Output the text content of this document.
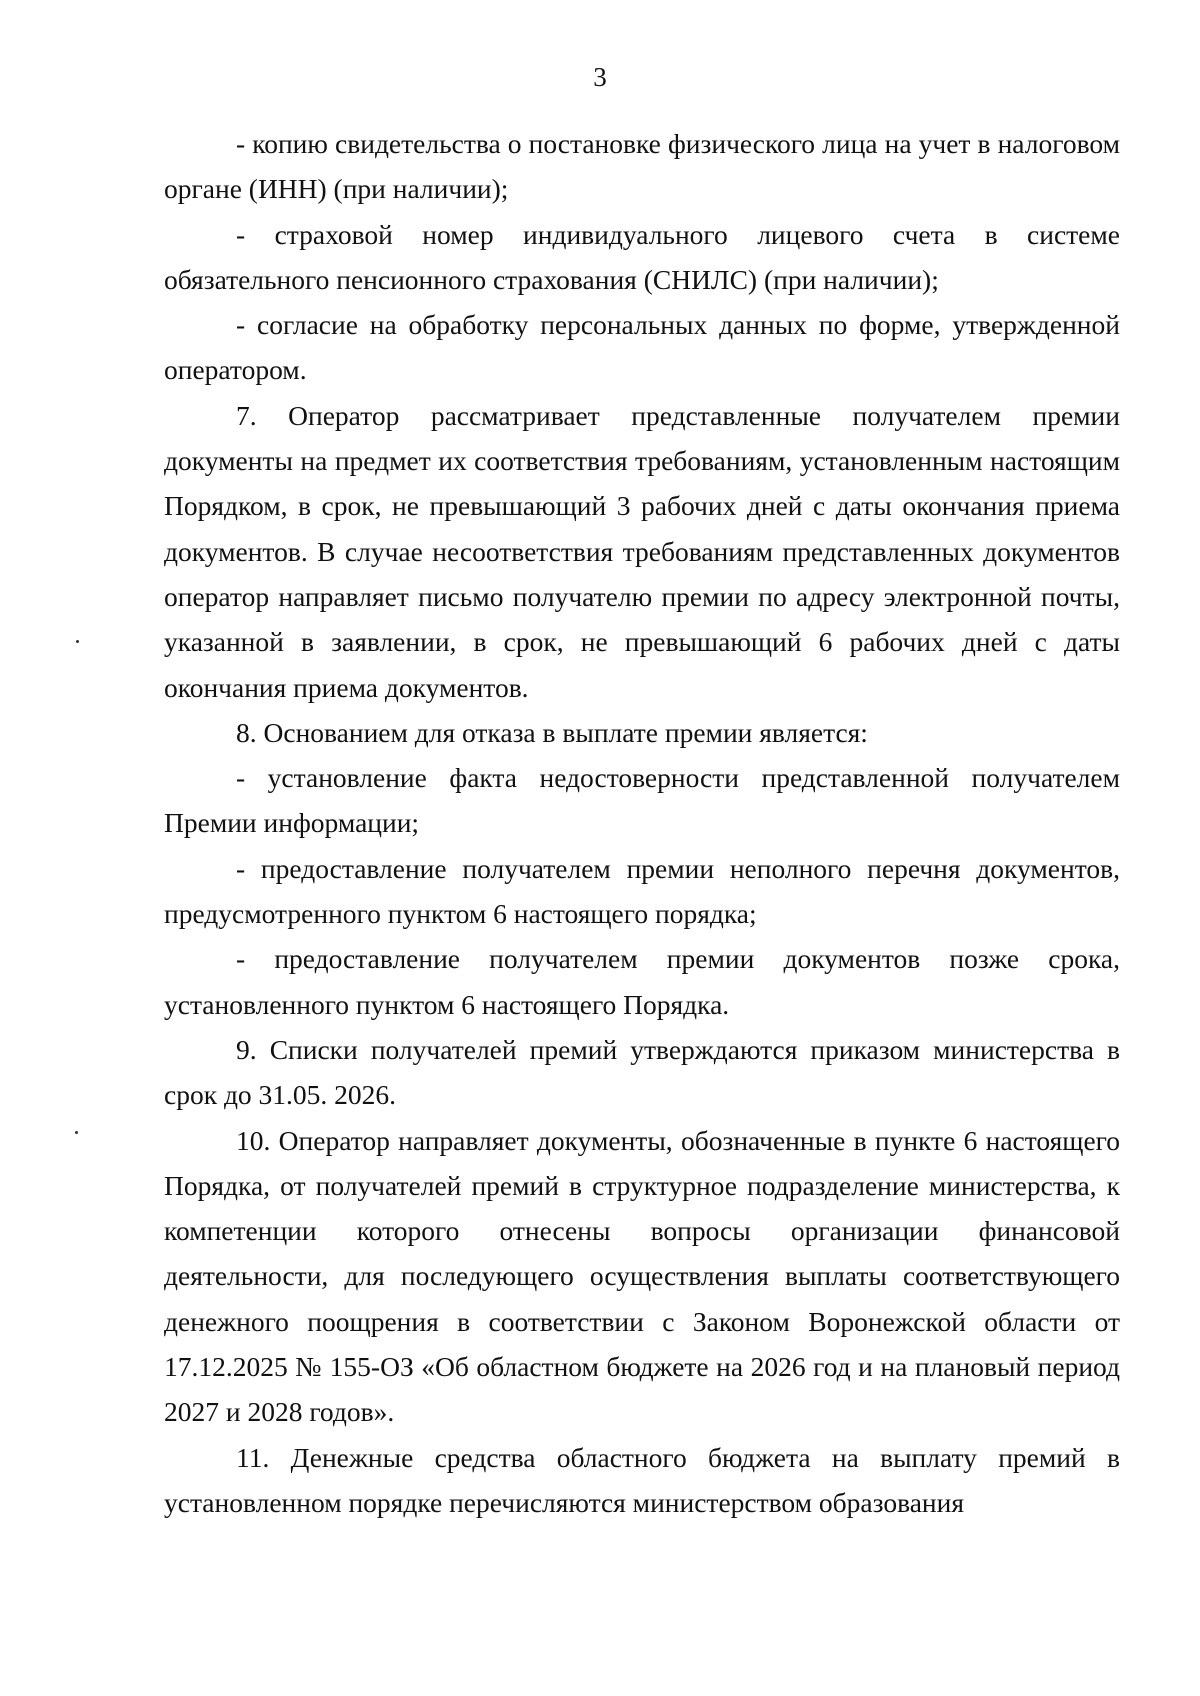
3

- копию свидетельства о постановке физического лица на учет в налоговом органе (ИНН) (при наличии);

- страховой номер индивидуального лицевого счета в системе обязательного пенсионного страхования (СНИЛС) (при наличии);

- согласие на обработку персональных данных по форме, утвержденной оператором.

7. Оператор рассматривает представленные получателем премии документы на предмет их соответствия требованиям, установленным настоящим Порядком, в срок, не превышающий 3 рабочих дней с даты окончания приема документов. В случае несоответствия требованиям представленных документов оператор направляет письмо получателю премии по адресу электронной почты, указанной в заявлении, в срок, не превышающий 6 рабочих дней с даты окончания приема документов.

8. Основанием для отказа в выплате премии является:

- установление факта недостоверности представленной получателем Премии информации;

- предоставление получателем премии неполного перечня документов, предусмотренного пунктом 6 настоящего порядка;

- предоставление получателем премии документов позже срока, установленного пунктом 6 настоящего Порядка.

9. Списки получателей премий утверждаются приказом министерства в срок до 31.05. 2026.

10. Оператор направляет документы, обозначенные в пункте 6 настоящего Порядка, от получателей премий в структурное подразделение министерства, к компетенции которого отнесены вопросы организации финансовой деятельности, для последующего осуществления выплаты соответствующего денежного поощрения в соответствии с Законом Воронежской области от 17.12.2025 № 155-ОЗ «Об областном бюджете на 2026 год и на плановый период 2027 и 2028 годов».

11. Денежные средства областного бюджета на выплату премий в установленном порядке перечисляются министерством образования
